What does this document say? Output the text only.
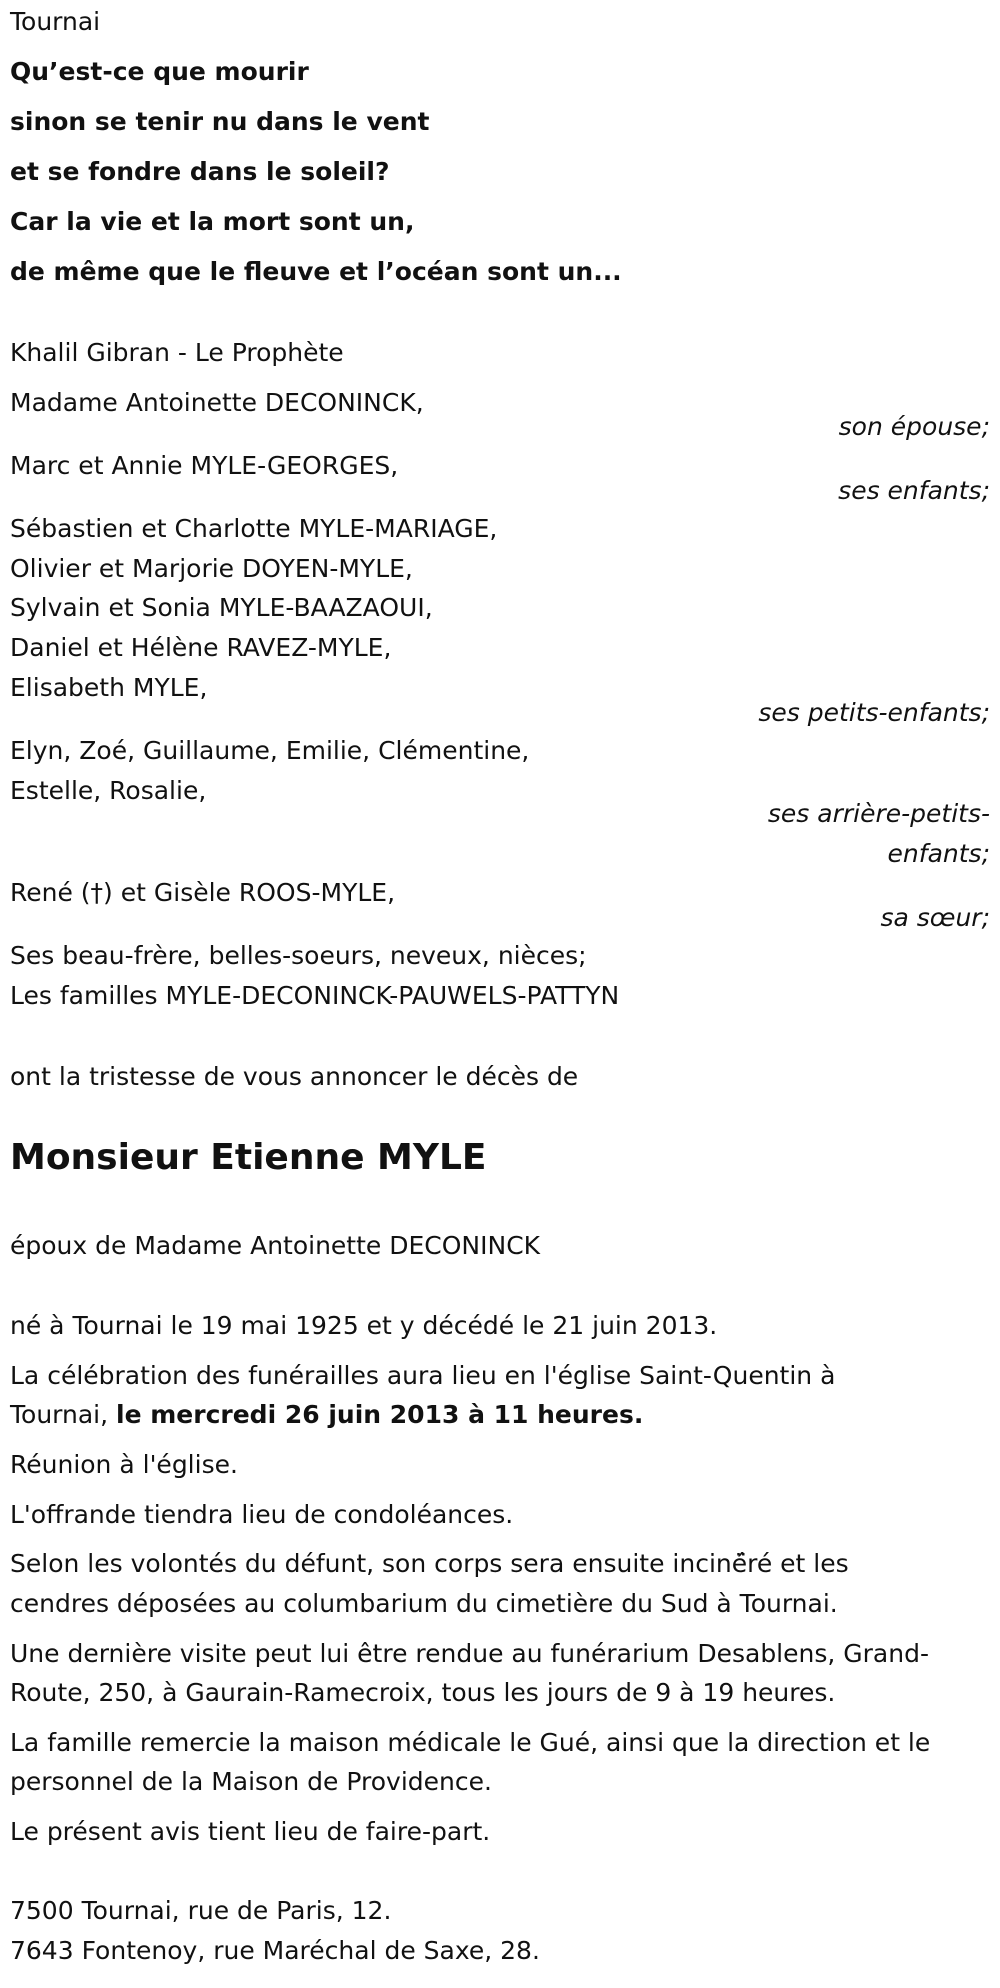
Tournai
Qu’est-ce que mourir
sinon se tenir nu dans le vent
et se fondre dans le soleil?
Car la vie et la mort sont un,
de même que le fleuve et l’océan sont un...
Khalil Gibran - Le Prophète
Madame Antoinette DECONINCK,
son épouse;
Marc et Annie MYLE-GEORGES,
ses enfants;
Sébastien et Charlotte MYLE-MARIAGE,
Olivier et Marjorie DOYEN-MYLE,
Sylvain et Sonia MYLE-BAAZAOUI,
Daniel et Hélène RAVEZ-MYLE,
Elisabeth MYLE,
ses petits-enfants;
Elyn, Zoé, Guillaume, Emilie, Clémentine,
Estelle, Rosalie,
ses arrière-petits-
enfants;
René (†) et Gisèle ROOS-MYLE,
sa sœur;
Ses beau-frère, belles-soeurs, neveux, nièces;
Les familles MYLE-DECONINCK-PAUWELS-PATTYN
ont la tristesse de vous annoncer le décès de
Monsieur Etienne MYLE
époux de Madame Antoinette DECONINCK
né à Tournai le 19 mai 1925 et y décédé le 21 juin 2013.
La célébration des funérailles aura lieu en l'église Saint-Quentin à
Tournai, le mercredi 26 juin 2013 à 11 heures.
Réunion à l'église.
L'offrande tiendra lieu de condoléances.
Selon les volontés du défunt, son corps sera ensuite inciné̈ré et les
cendres déposées au columbarium du cimetière du Sud à Tournai.
Une dernière visite peut lui être rendue au funérarium Desablens, Grand-
Route, 250, à Gaurain-Ramecroix, tous les jours de 9 à 19 heures.
La famille remercie la maison médicale le Gué, ainsi que la direction et le
personnel de la Maison de Providence.
Le présent avis tient lieu de faire-part.
7500 Tournai, rue de Paris, 12.
7643 Fontenoy, rue Maréchal de Saxe, 28.
